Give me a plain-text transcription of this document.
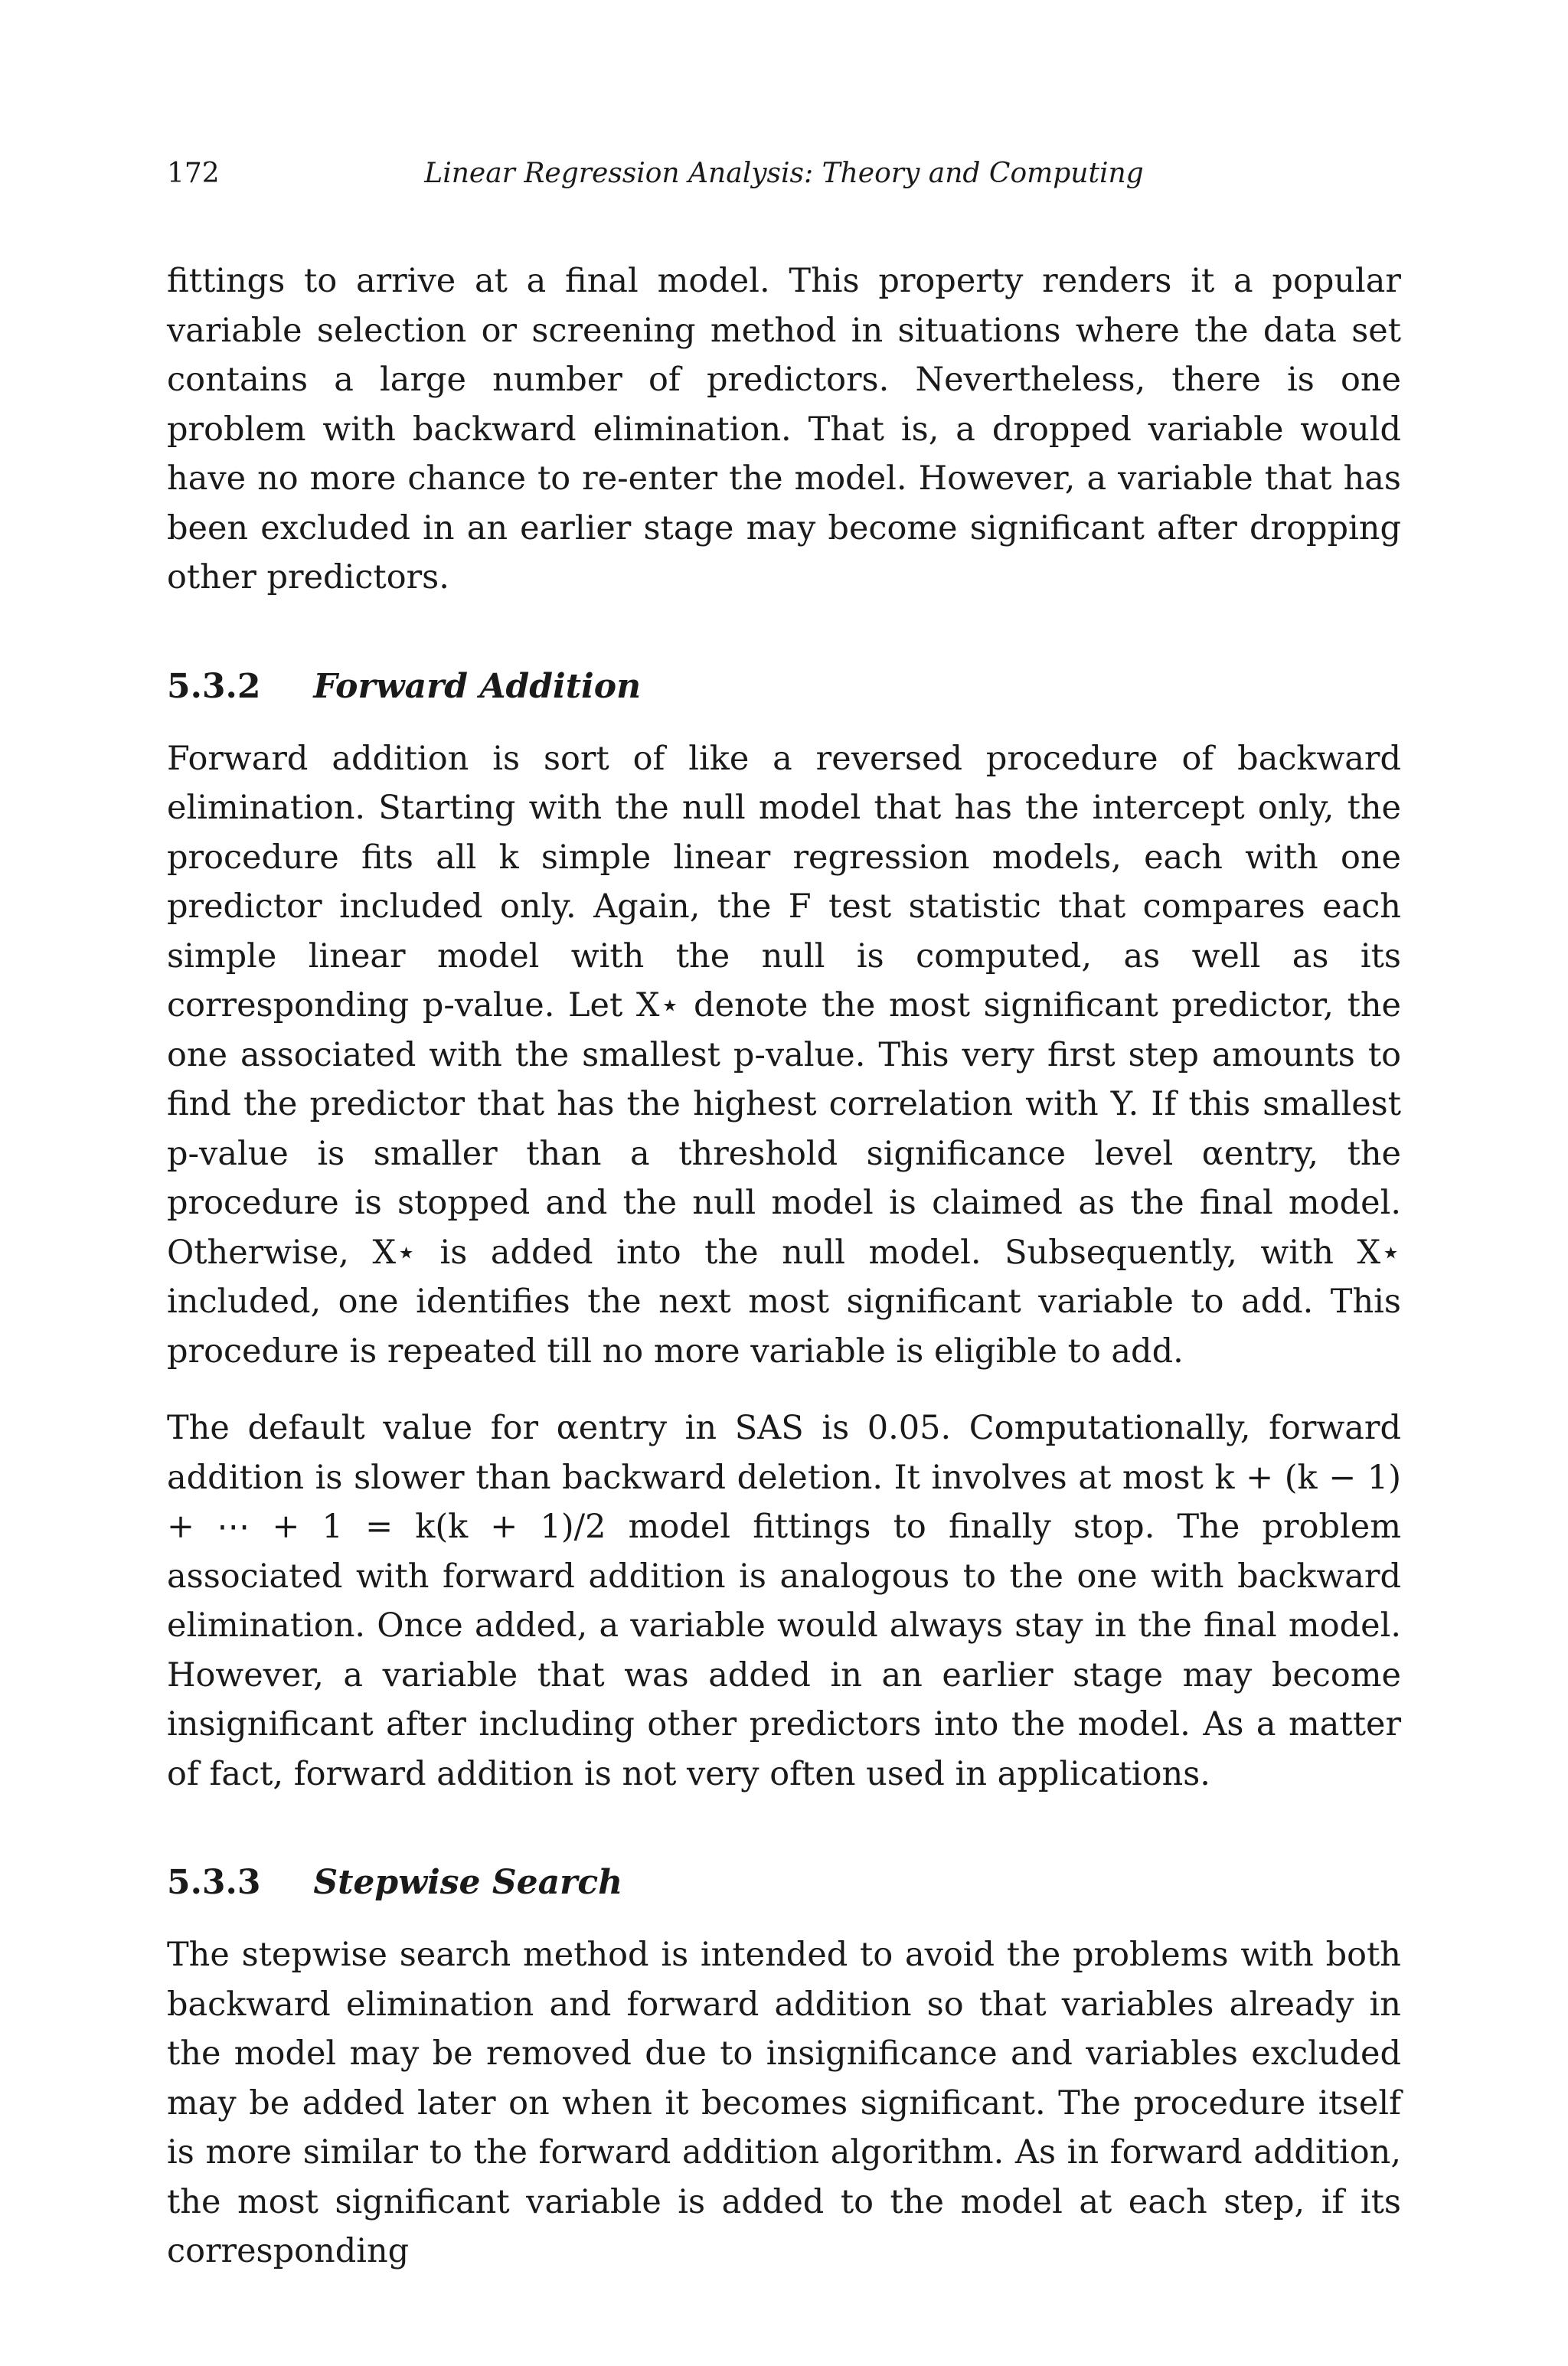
172	Linear Regression Analysis: Theory and Computing

fittings to arrive at a final model. This property renders it a popular variable selection or screening method in situations where the data set contains a large number of predictors. Nevertheless, there is one problem with backward elimination. That is, a dropped variable would have no more chance to re-enter the model. However, a variable that has been excluded in an earlier stage may become significant after dropping other predictors.

5.3.2 Forward Addition

Forward addition is sort of like a reversed procedure of backward elimination. Starting with the null model that has the intercept only, the procedure fits all k simple linear regression models, each with one predictor included only. Again, the F test statistic that compares each simple linear model with the null is computed, as well as its corresponding p-value. Let X⋆ denote the most significant predictor, the one associated with the smallest p-value. This very first step amounts to find the predictor that has the highest correlation with Y. If this smallest p-value is smaller than a threshold significance level αentry, the procedure is stopped and the null model is claimed as the final model. Otherwise, X⋆ is added into the null model. Subsequently, with X⋆ included, one identifies the next most significant variable to add. This procedure is repeated till no more variable is eligible to add.

The default value for αentry in SAS is 0.05. Computationally, forward addition is slower than backward deletion. It involves at most k + (k − 1) + ⋯ + 1 = k(k + 1)/2 model fittings to finally stop. The problem associated with forward addition is analogous to the one with backward elimination. Once added, a variable would always stay in the final model. However, a variable that was added in an earlier stage may become insignificant after including other predictors into the model. As a matter of fact, forward addition is not very often used in applications.

5.3.3 Stepwise Search

The stepwise search method is intended to avoid the problems with both backward elimination and forward addition so that variables already in the model may be removed due to insignificance and variables excluded may be added later on when it becomes significant. The procedure itself is more similar to the forward addition algorithm. As in forward addition, the most significant variable is added to the model at each step, if its corresponding
